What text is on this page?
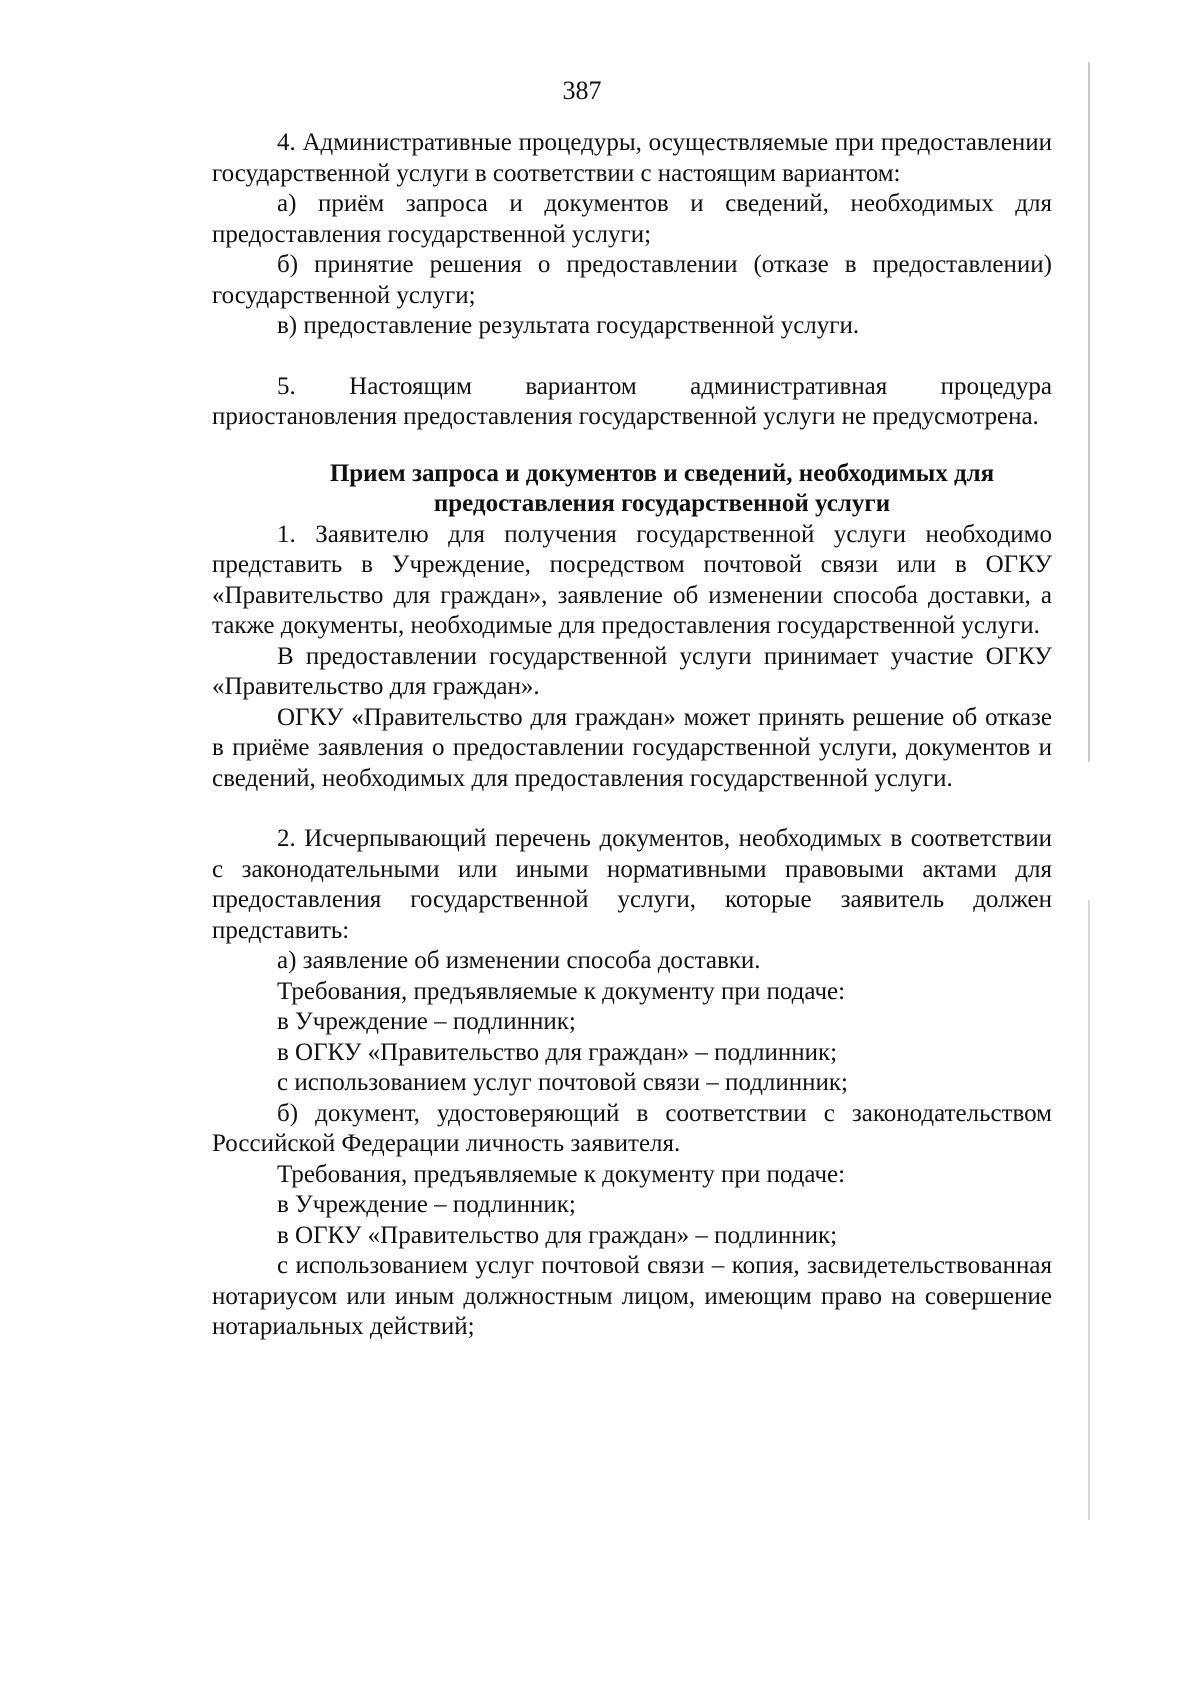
387

4. Административные процедуры, осуществляемые при предоставлении государственной услуги в соответствии с настоящим вариантом:

а) приём запроса и документов и сведений, необходимых для предоставления государственной услуги;

б) принятие решения о предоставлении (отказе в предоставлении) государственной услуги;

в) предоставление результата государственной услуги.

5. Настоящим вариантом административная процедура приостановления предоставления государственной услуги не предусмотрена.

Прием запроса и документов и сведений, необходимых для предоставления государственной услуги

1. Заявителю для получения государственной услуги необходимо представить в Учреждение, посредством почтовой связи или в ОГКУ «Правительство для граждан», заявление об изменении способа доставки, а также документы, необходимые для предоставления государственной услуги.

В предоставлении государственной услуги принимает участие ОГКУ «Правительство для граждан».

ОГКУ «Правительство для граждан» может принять решение об отказе в приёме заявления о предоставлении государственной услуги, документов и сведений, необходимых для предоставления государственной услуги.

2. Исчерпывающий перечень документов, необходимых в соответствии с законодательными или иными нормативными правовыми актами для предоставления государственной услуги, которые заявитель должен представить:

а) заявление об изменении способа доставки.

Требования, предъявляемые к документу при подаче:

в Учреждение – подлинник;

в ОГКУ «Правительство для граждан» – подлинник;

с использованием услуг почтовой связи – подлинник;

б) документ, удостоверяющий в соответствии с законодательством Российской Федерации личность заявителя.

Требования, предъявляемые к документу при подаче:

в Учреждение – подлинник;

в ОГКУ «Правительство для граждан» – подлинник;

с использованием услуг почтовой связи – копия, засвидетельствованная нотариусом или иным должностным лицом, имеющим право на совершение нотариальных действий;
